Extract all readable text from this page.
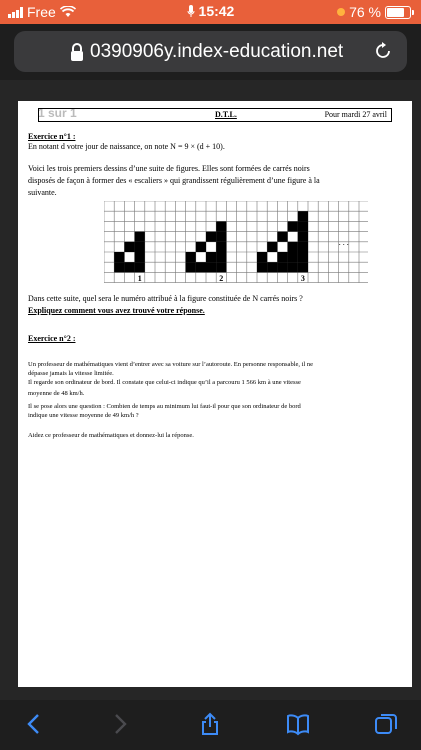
Free	15:42	76 %
0390906y.index-education.net
1 sur 1	D.T.L.	Pour mardi 27 avril
Exercice n°1 :
En notant d votre jour de naissance, on note N = 9 × (d + 10).
Voici les trois premiers dessins d’une suite de figures. Elles sont formées de carrés noirs
disposés de façon à former des « escaliers » qui grandissent régulièrement d’une figure à la
suivante.
1	2	3
. . .
Dans cette suite, quel sera le numéro attribué à la figure constituée de N carrés noirs ?
Expliquez comment vous avez trouvé votre réponse.
Exercice n°2 :
Un professeur de mathématiques vient d’entrer avec sa voiture sur l’autoroute. En personne responsable, il ne
dépasse jamais la vitesse limitée.
Il regarde son ordinateur de bord. Il constate que celui-ci indique qu’il a parcouru 1 566 km à une vitesse
moyenne de 48 km/h.
Il se pose alors une question : Combien de temps au minimum lui faut-il pour que son ordinateur de bord
indique une vitesse moyenne de 49 km/h ?
Aidez ce professeur de mathématiques et donnez-lui la réponse.
